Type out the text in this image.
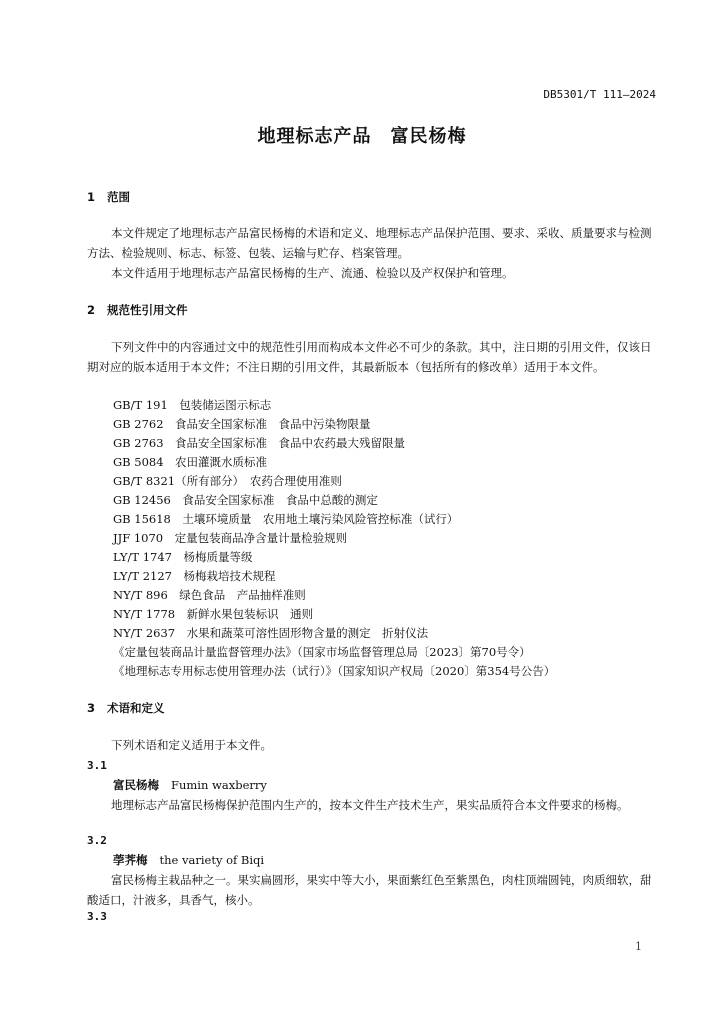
DB5301/T 111—2024
地理标志产品　富民杨梅
1 范围
本文件规定了地理标志产品富民杨梅的术语和定义、地理标志产品保护范围、要求、采收、质量要求与检测方法、检验规则、标志、标签、包装、运输与贮存、档案管理。
本文件适用于地理标志产品富民杨梅的生产、流通、检验以及产权保护和管理。
2 规范性引用文件
下列文件中的内容通过文中的规范性引用而构成本文件必不可少的条款。其中，注日期的引用文件，仅该日期对应的版本适用于本文件；不注日期的引用文件，其最新版本（包括所有的修改单）适用于本文件。
GB/T 191　包装储运图示标志
GB 2762　食品安全国家标准　食品中污染物限量
GB 2763　食品安全国家标准　食品中农药最大残留限量
GB 5084　农田灌溉水质标准
GB/T 8321（所有部分）　农药合理使用准则
GB 12456　食品安全国家标准　食品中总酸的测定
GB 15618　土壤环境质量　农用地土壤污染风险管控标准（试行）
JJF 1070　定量包装商品净含量计量检验规则
LY/T 1747　杨梅质量等级
LY/T 2127　杨梅栽培技术规程
NY/T 896　绿色食品　产品抽样准则
NY/T 1778　新鲜水果包装标识　通则
NY/T 2637　水果和蔬菜可溶性固形物含量的测定　折射仪法
《定量包装商品计量监督管理办法》（国家市场监督管理总局〔2023〕第70号令）
《地理标志专用标志使用管理办法（试行）》（国家知识产权局〔2020〕第354号公告）
3 术语和定义
下列术语和定义适用于本文件。
3.1
富民杨梅 Fumin waxberry
地理标志产品富民杨梅保护范围内生产的，按本文件生产技术生产，果实品质符合本文件要求的杨梅。
3.2
荸荠梅 the variety of Biqi
富民杨梅主栽品种之一。果实扁圆形，果实中等大小，果面紫红色至紫黑色，肉柱顶端圆钝，肉质细软，甜酸适口，汁液多，具香气，核小。
3.3
1
